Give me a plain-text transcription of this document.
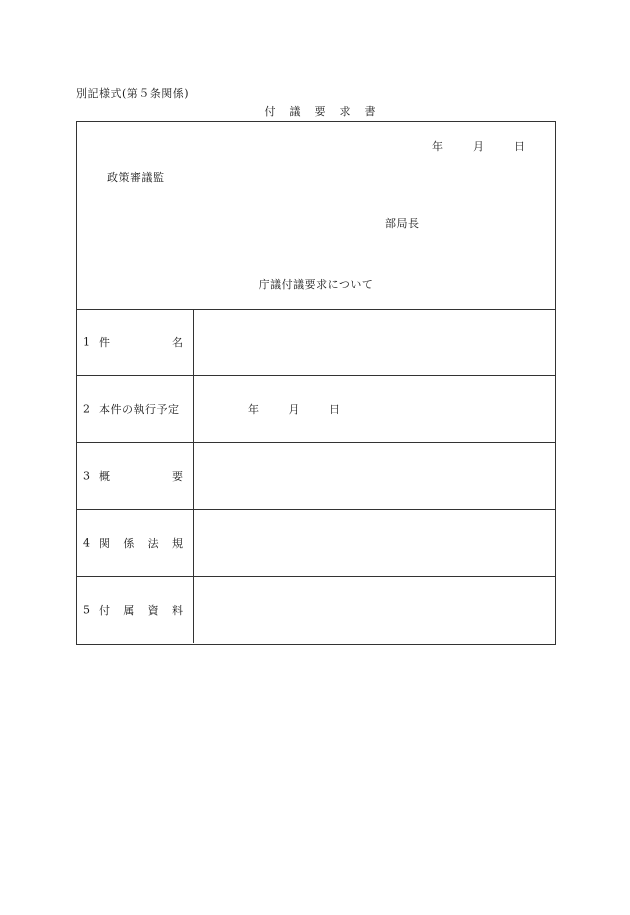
別記様式(第５条関係)
付議要求書
年	月	日
政策審議監
部局長
庁議付議要求について
1 件	名
2 本件の執行予定	年	月	日
3 概	要
4 関 係 法 規
5 付 属 資 料
